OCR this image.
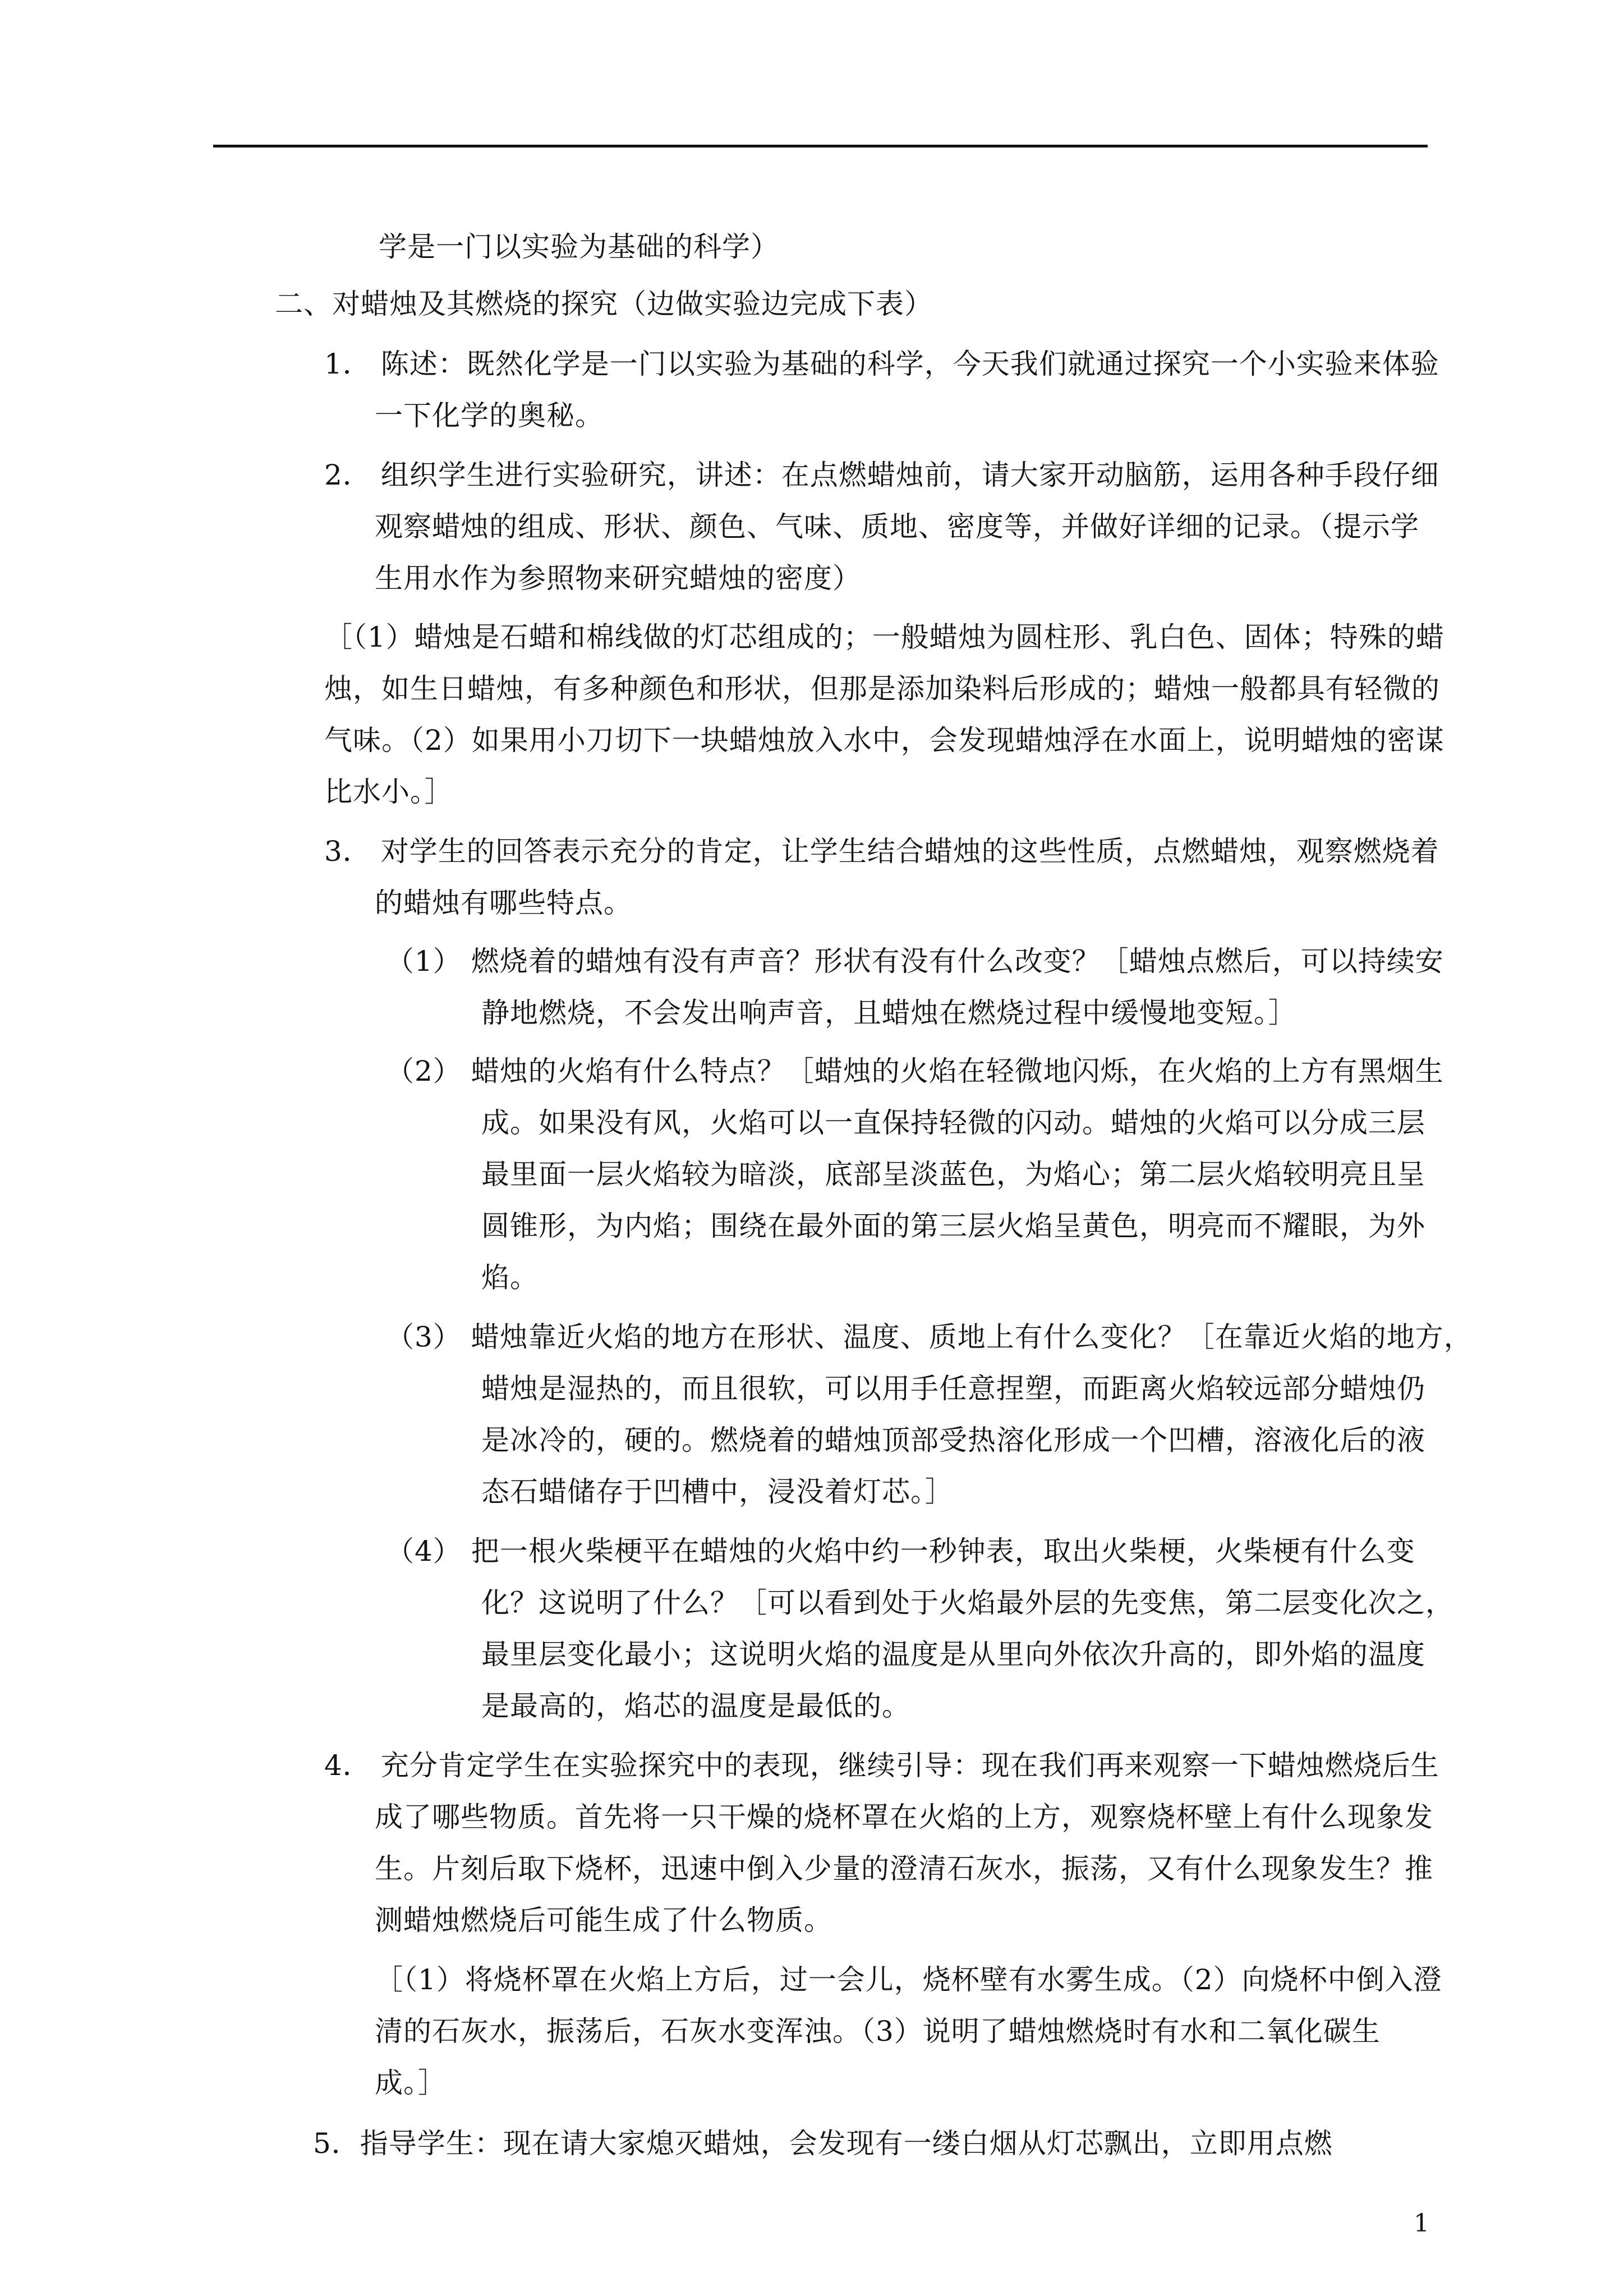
学是一门以实验为基础的科学）
二、对蜡烛及其燃烧的探究（边做实验边完成下表）
1． 陈述：既然化学是一门以实验为基础的科学，今天我们就通过探究一个小实验来体验
一下化学的奥秘。
2． 组织学生进行实验研究，讲述：在点燃蜡烛前，请大家开动脑筋，运用各种手段仔细
观察蜡烛的组成、形状、颜色、气味、质地、密度等，并做好详细的记录。（提示学
生用水作为参照物来研究蜡烛的密度）
［（1）蜡烛是石蜡和棉线做的灯芯组成的；一般蜡烛为圆柱形、乳白色、固体；特殊的蜡
烛，如生日蜡烛，有多种颜色和形状，但那是添加染料后形成的；蜡烛一般都具有轻微的
气味。（2）如果用小刀切下一块蜡烛放入水中，会发现蜡烛浮在水面上，说明蜡烛的密谋
比水小。］
3． 对学生的回答表示充分的肯定，让学生结合蜡烛的这些性质，点燃蜡烛，观察燃烧着
的蜡烛有哪些特点。
（1） 燃烧着的蜡烛有没有声音？形状有没有什么改变？［蜡烛点燃后，可以持续安
静地燃烧，不会发出响声音，且蜡烛在燃烧过程中缓慢地变短。］
（2） 蜡烛的火焰有什么特点？［蜡烛的火焰在轻微地闪烁，在火焰的上方有黑烟生
成。如果没有风，火焰可以一直保持轻微的闪动。蜡烛的火焰可以分成三层
最里面一层火焰较为暗淡，底部呈淡蓝色，为焰心；第二层火焰较明亮且呈
圆锥形，为内焰；围绕在最外面的第三层火焰呈黄色，明亮而不耀眼，为外
焰。
（3） 蜡烛靠近火焰的地方在形状、温度、质地上有什么变化？［在靠近火焰的地方，
蜡烛是湿热的，而且很软，可以用手任意捏塑，而距离火焰较远部分蜡烛仍
是冰冷的，硬的。燃烧着的蜡烛顶部受热溶化形成一个凹槽，溶液化后的液
态石蜡储存于凹槽中，浸没着灯芯。］
（4） 把一根火柴梗平在蜡烛的火焰中约一秒钟表，取出火柴梗，火柴梗有什么变
化？这说明了什么？［可以看到处于火焰最外层的先变焦，第二层变化次之，
最里层变化最小；这说明火焰的温度是从里向外依次升高的，即外焰的温度
是最高的，焰芯的温度是最低的。
4． 充分肯定学生在实验探究中的表现，继续引导：现在我们再来观察一下蜡烛燃烧后生
成了哪些物质。首先将一只干燥的烧杯罩在火焰的上方，观察烧杯壁上有什么现象发
生。片刻后取下烧杯，迅速中倒入少量的澄清石灰水，振荡，又有什么现象发生？推
测蜡烛燃烧后可能生成了什么物质。
［（1）将烧杯罩在火焰上方后，过一会儿，烧杯壁有水雾生成。（2）向烧杯中倒入澄
清的石灰水，振荡后，石灰水变浑浊。（3）说明了蜡烛燃烧时有水和二氧化碳生
成。］
5．指导学生：现在请大家熄灭蜡烛，会发现有一缕白烟从灯芯飘出，立即用点燃
1
